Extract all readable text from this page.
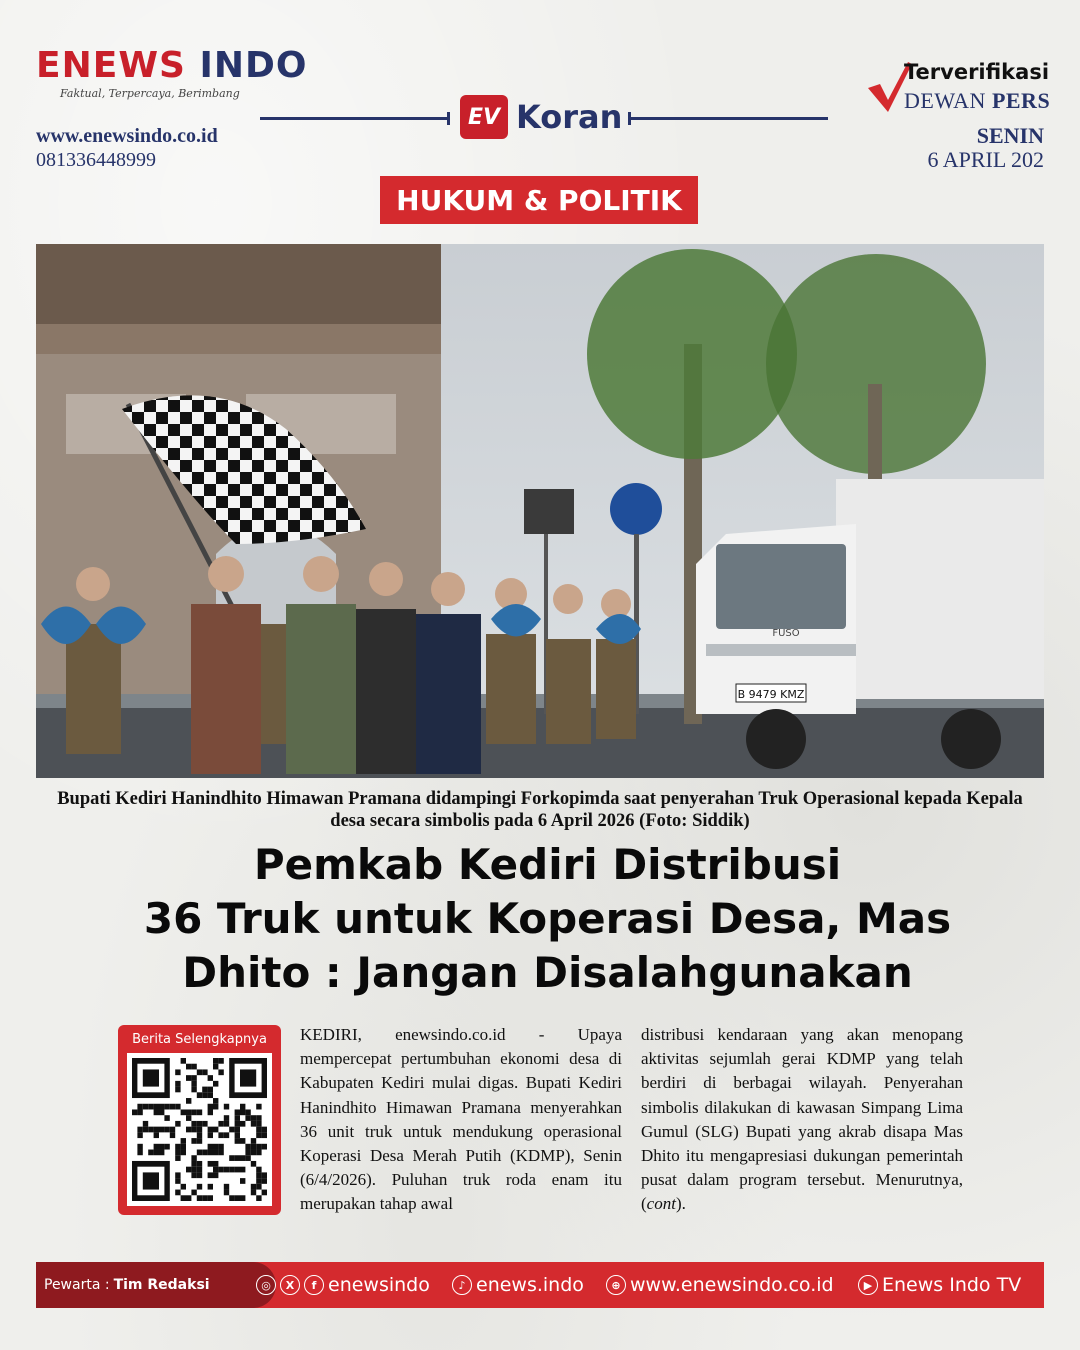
ENEWS INDO
Faktual, Terpercaya, Berimbang
www.enewsindo.co.id
081336448999
EV Koran
Terverifikasi
DEWAN PERS
SENIN
6 APRIL 202
HUKUM & POLITIK
B 9479 KMZ
FUSO
Bupati Kediri Hanindhito Himawan Pramana didampingi Forkopimda saat penyerahan Truk Operasional kepada Kepala desa secara simbolis pada 6 April 2026 (Foto: Siddik)
Pemkab Kediri Distribusi
36 Truk untuk Koperasi Desa, Mas
Dhito : Jangan Disalahgunakan
Berita Selengkapnya	KEDIRI, enewsindo.co.id - Upaya mempercepat pertumbuhan ekonomi desa di Kabupaten Kediri mulai digas. Bupati Kediri Hanindhito Himawan Pramana menyerahkan 36 unit truk untuk mendukung operasional Koperasi Desa Merah Putih (KDMP), Senin (6/4/2026). Puluhan truk roda enam itu merupakan tahap awal
distribusi kendaraan yang akan menopang aktivitas sejumlah gerai KDMP yang telah berdiri di berbagai wilayah. Penyerahan simbolis dilakukan di kawasan Simpang Lima Gumul (SLG) Bupati yang akrab disapa Mas Dhito itu mengapresiasi dukungan pemerintah pusat dalam program tersebut. Menurutnya, (cont).
Pewarta : Tim Redaksi	◎	X	f enewsindo	♪ enews.indo	⊕ www.enewsindo.co.id	▶ Enews Indo TV
